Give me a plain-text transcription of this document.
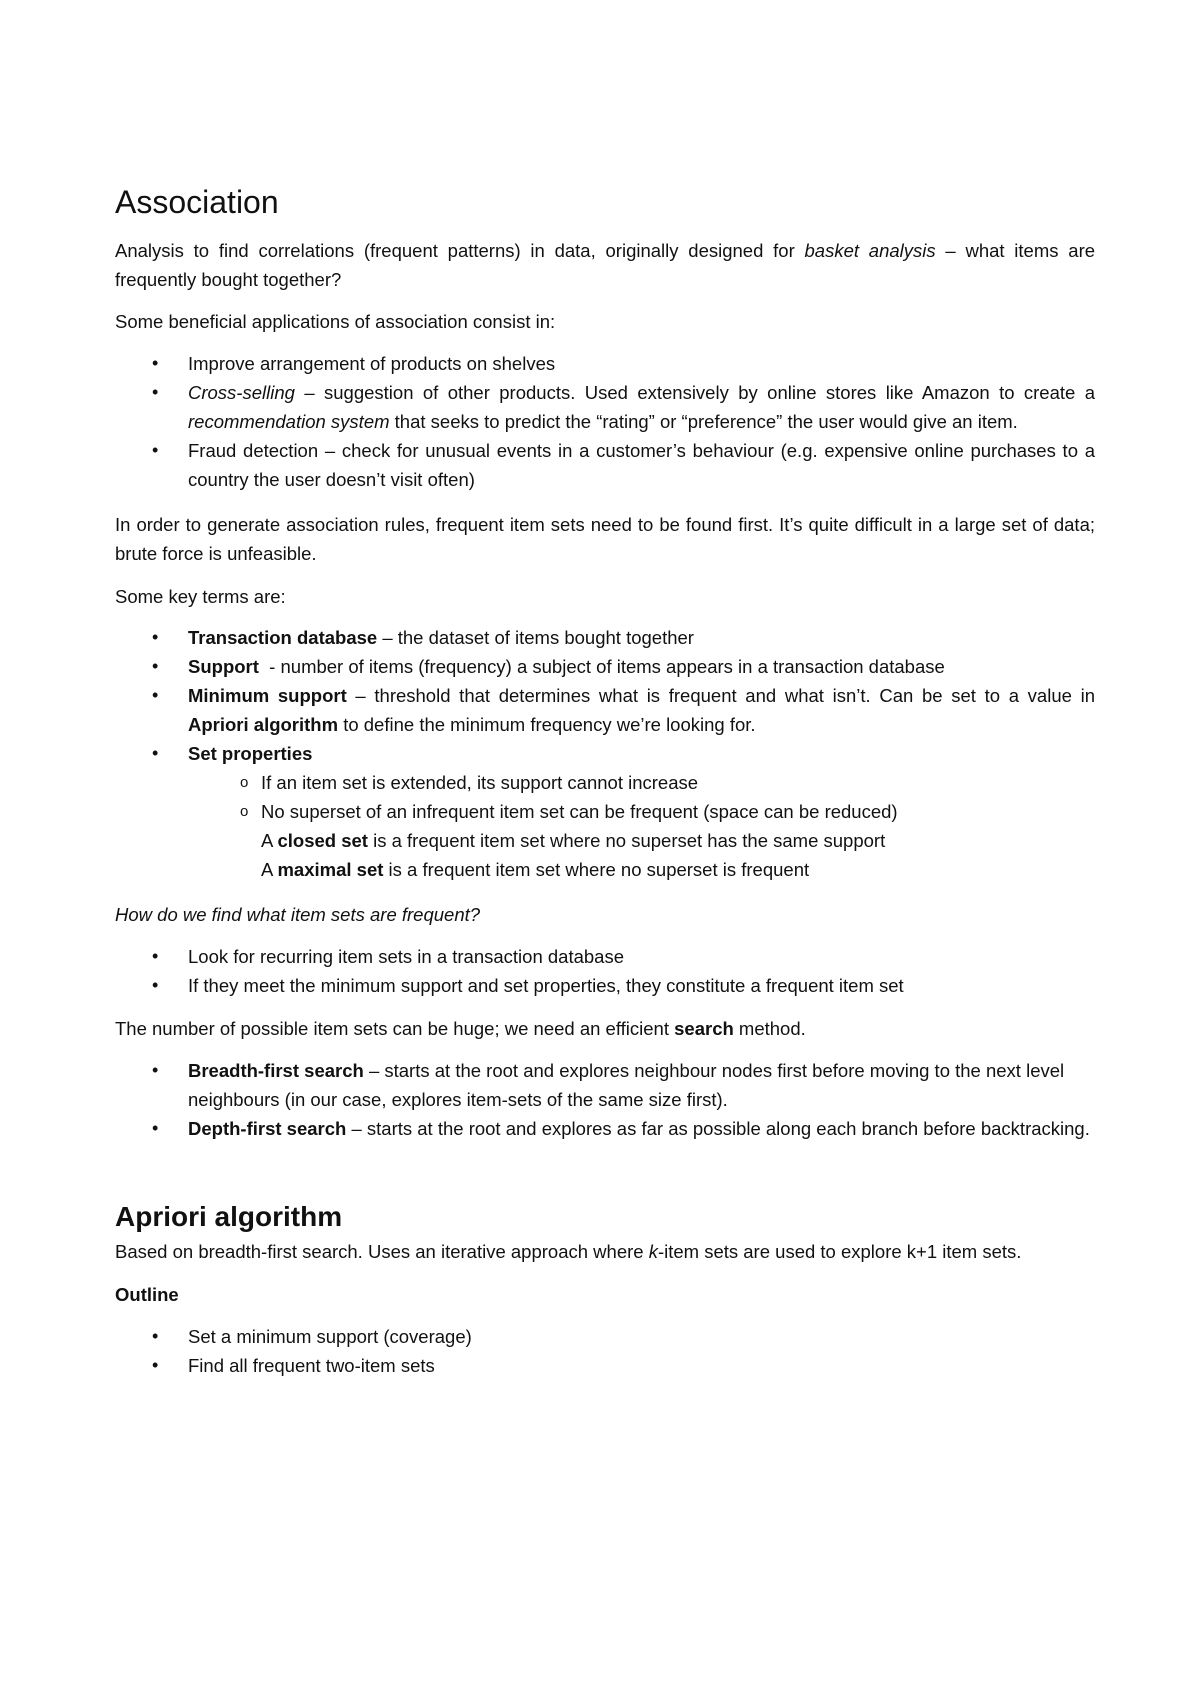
Association

Analysis to find correlations (frequent patterns) in data, originally designed for basket analysis – what items are frequently bought together?

Some beneficial applications of association consist in:

• Improve arrangement of products on shelves
• Cross-selling – suggestion of other products. Used extensively by online stores like Amazon to create a recommendation system that seeks to predict the “rating” or “preference” the user would give an item.
• Fraud detection – check for unusual events in a customer’s behaviour (e.g. expensive online purchases to a country the user doesn’t visit often)

In order to generate association rules, frequent item sets need to be found first. It’s quite difficult in a large set of data; brute force is unfeasible.

Some key terms are:

• Transaction database – the dataset of items bought together
• Support  - number of items (frequency) a subject of items appears in a transaction database
• Minimum support – threshold that determines what is frequent and what isn’t. Can be set to a value in Apriori algorithm to define the minimum frequency we’re looking for.
• Set properties
o If an item set is extended, its support cannot increase
o No superset of an infrequent item set can be frequent (space can be reduced)

A closed set is a frequent item set where no superset has the same support

A maximal set is a frequent item set where no superset is frequent

How do we find what item sets are frequent?

• Look for recurring item sets in a transaction database
• If they meet the minimum support and set properties, they constitute a frequent item set

The number of possible item sets can be huge; we need an efficient search method.

• Breadth-first search – starts at the root and explores neighbour nodes first before moving to the next level neighbours (in our case, explores item-sets of the same size first).
• Depth-first search – starts at the root and explores as far as possible along each branch before backtracking.
Apriori algorithm

Based on breadth-first search. Uses an iterative approach where k-item sets are used to explore k+1 item sets.

Outline

• Set a minimum support (coverage)
• Find all frequent two-item sets
